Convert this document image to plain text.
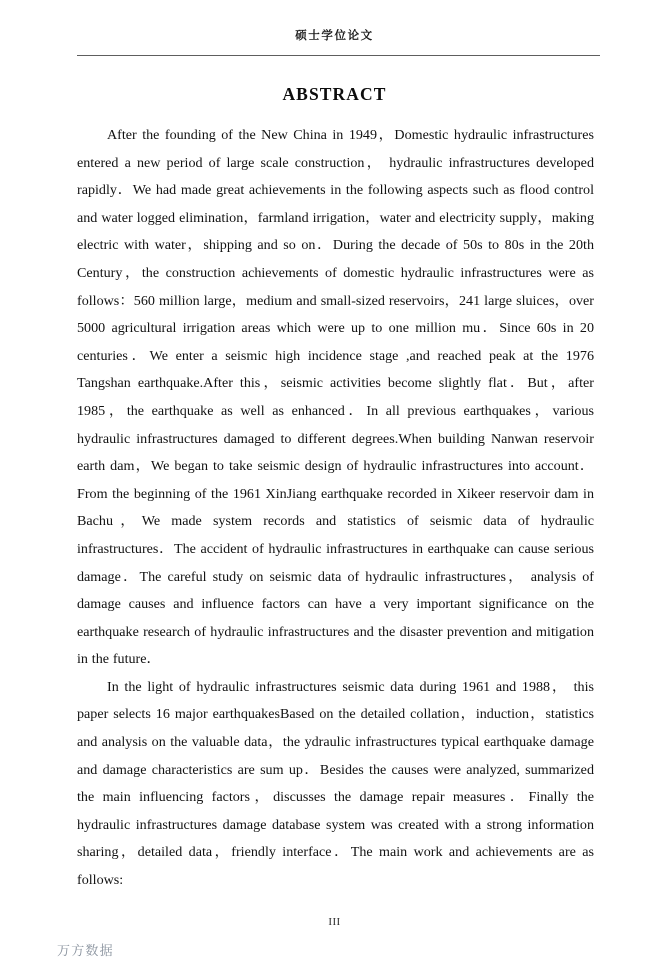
硕士学位论文
ABSTRACT

After the founding of the New China in 1949，Domestic hydraulic infrastructures entered a new period of large scale construction， hydraulic infrastructures developed rapidly．We had made great achievements in the following aspects such as flood control and water logged elimination，farmland irrigation，water and electricity supply，making electric with water，shipping and so on．During the decade of 50s to 80s in the 20th Century，the construction achievements of domestic hydraulic infrastructures were as follows：560 million large，medium and small-sized reservoirs，241 large sluices，over 5000 agricultural irrigation areas which were up to one million mu．Since 60s in 20 centuries．We enter a seismic high incidence stage ,and reached peak at the 1976 Tangshan earthquake.After this，seismic activities become slightly flat．But，after 1985，the earthquake as well as enhanced．In all previous earthquakes，various hydraulic infrastructures damaged to different degrees.When building Nanwan reservoir earth dam，We began to take seismic design of hydraulic infrastructures into account．From the beginning of the 1961 XinJiang earthquake recorded in Xikeer reservoir dam in Bachu，We made system records and statistics of seismic data of hydraulic infrastructures．The accident of hydraulic infrastructures in earthquake can cause serious damage．The careful study on seismic data of hydraulic infrastructures， analysis of damage causes and influence factors can have a very important significance on the earthquake research of hydraulic infrastructures and the disaster prevention and mitigation in the future．

In the light of hydraulic infrastructures seismic data during 1961 and 1988， this paper selects 16 major earthquakesBased on the detailed collation，induction，statistics and analysis on the valuable data，the ydraulic infrastructures typical earthquake damage and damage characteristics are sum up．Besides the causes were analyzed, summarized the main influencing factors，discusses the damage repair measures．Finally the hydraulic infrastructures damage database system was created with a strong information sharing，detailed data，friendly interface．The main work and achievements are as follows:

III
万方数据
